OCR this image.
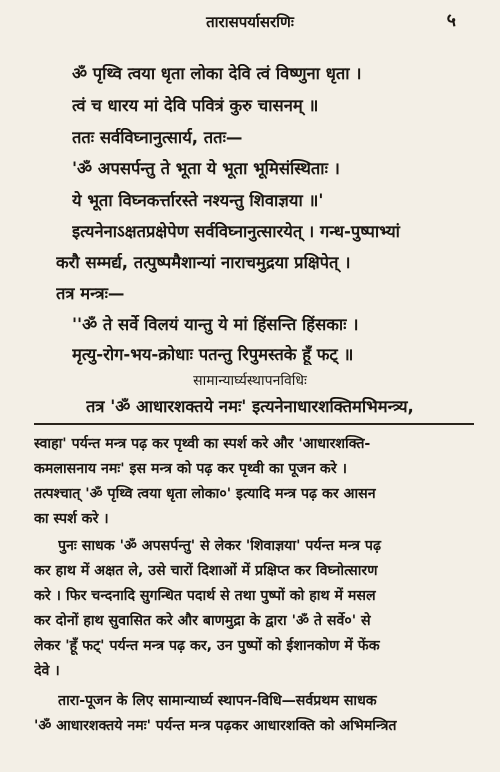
तारासपर्यासरणिः	५
ॐ पृथ्वि त्वया धृता लोका देवि त्वं विष्णुना धृता ।
त्वं च धारय मां देवि पवित्रं कुरु चासनम् ॥
ततः सर्वविघ्नानुत्सार्य, ततः—
'ॐ अपसर्पन्तु ते भूता ये भूता भूमिसंस्थिताः ।
ये भूता विघ्नकर्त्तारस्ते नश्यन्तु शिवाज्ञया ॥'
इत्यनेनाऽक्षतप्रक्षेपेण सर्वविघ्नानुत्सारयेत् । गन्ध-पुष्पाभ्यां
करौ सम्मर्द्य, तत्पुष्पमैशान्यां नाराचमुद्रया प्रक्षिपेत् ।
तत्र मन्त्रः—
''ॐ ते सर्वे विलयं यान्तु ये मां हिंसन्ति हिंसकाः ।
मृत्यु-रोग-भय-क्रोधाः पतन्तु रिपुमस्तके हूँ फट् ॥
सामान्यार्घ्यस्थापनविधिः
तत्र 'ॐ आधारशक्तये नमः' इत्यनेनाधारशक्तिमभिमन्त्र्य,
स्वाहा' पर्यन्त मन्त्र पढ़ कर पृथ्वी का स्पर्श करे और 'आधारशक्ति-
कमलासनाय नमः' इस मन्त्र को पढ़ कर पृथ्वी का पूजन करे ।
तत्पश्चात् 'ॐ पृथ्वि त्वया धृता लोका०' इत्यादि मन्त्र पढ़ कर आसन
का स्पर्श करे ।
पुनः साधक 'ॐ अपसर्पन्तु' से लेकर 'शिवाज्ञया' पर्यन्त मन्त्र पढ़
कर हाथ में अक्षत ले, उसे चारों दिशाओं में प्रक्षिप्त कर विघ्नोत्सारण
करे । फिर चन्दनादि सुगन्धित पदार्थ से तथा पुष्पों को हाथ में मसल
कर दोनों हाथ सुवासित करे और बाणमुद्रा के द्वारा 'ॐ ते सर्वे०' से
लेकर 'हूँ फट्' पर्यन्त मन्त्र पढ़ कर, उन पुष्पों को ईशानकोण में फेंक
देवे ।
तारा-पूजन के लिए सामान्यार्घ्य स्थापन-विधि—सर्वप्रथम साधक
'ॐ आधारशक्तये नमः' पर्यन्त मन्त्र पढ़कर आधारशक्ति को अभिमन्त्रित
